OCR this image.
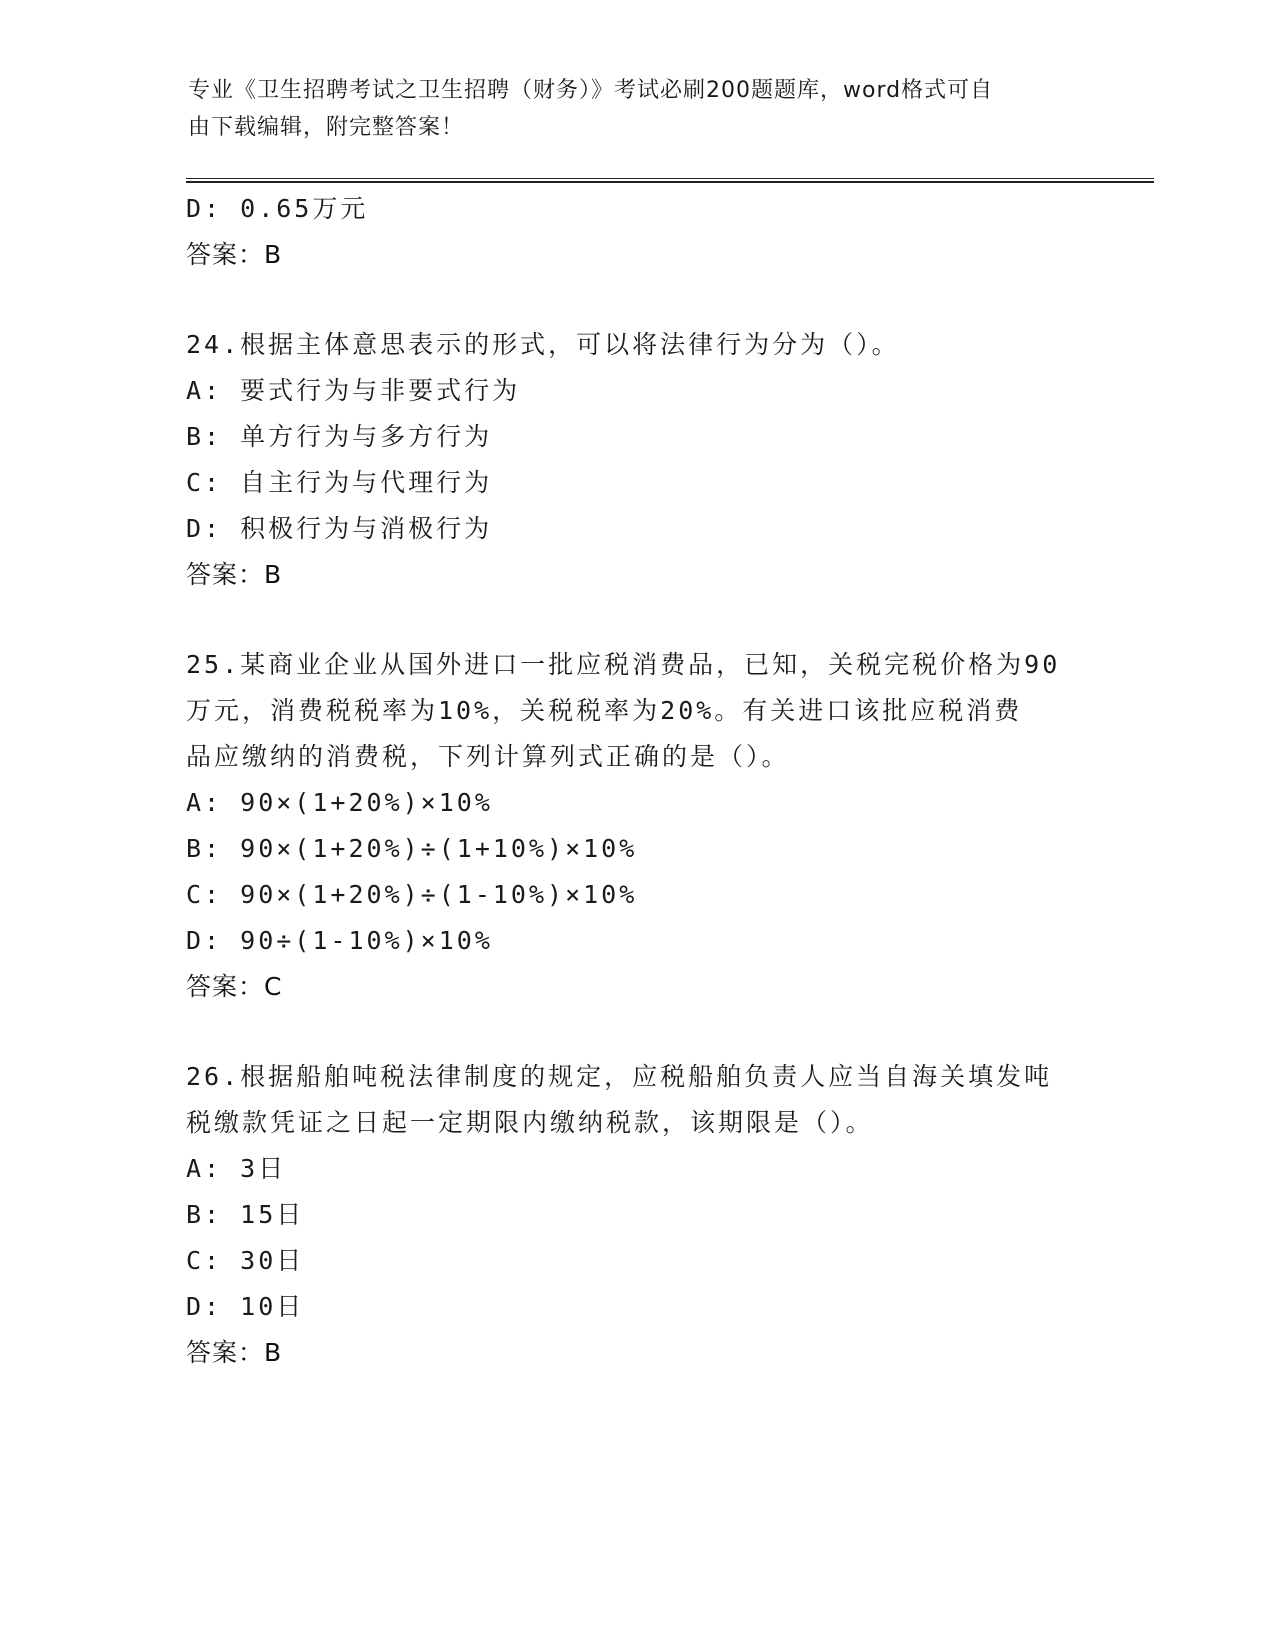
专业《卫生招聘考试之卫生招聘（财务）》考试必刷200题题库，word格式可自
由下载编辑，附完整答案！
D: 0.65万元
答案：B
24.根据主体意思表示的形式，可以将法律行为分为（）。
A: 要式行为与非要式行为
B: 单方行为与多方行为
C: 自主行为与代理行为
D: 积极行为与消极行为
答案：B
25.某商业企业从国外进口一批应税消费品，已知，关税完税价格为90
万元，消费税税率为10%，关税税率为20%。有关进口该批应税消费
品应缴纳的消费税，下列计算列式正确的是（）。
A: 90×(1+20%)×10%
B: 90×(1+20%)÷(1+10%)×10%
C: 90×(1+20%)÷(1-10%)×10%
D: 90÷(1-10%)×10%
答案：C
26.根据船舶吨税法律制度的规定，应税船舶负责人应当自海关填发吨
税缴款凭证之日起一定期限内缴纳税款，该期限是（）。
A: 3日
B: 15日
C: 30日
D: 10日
答案：B
